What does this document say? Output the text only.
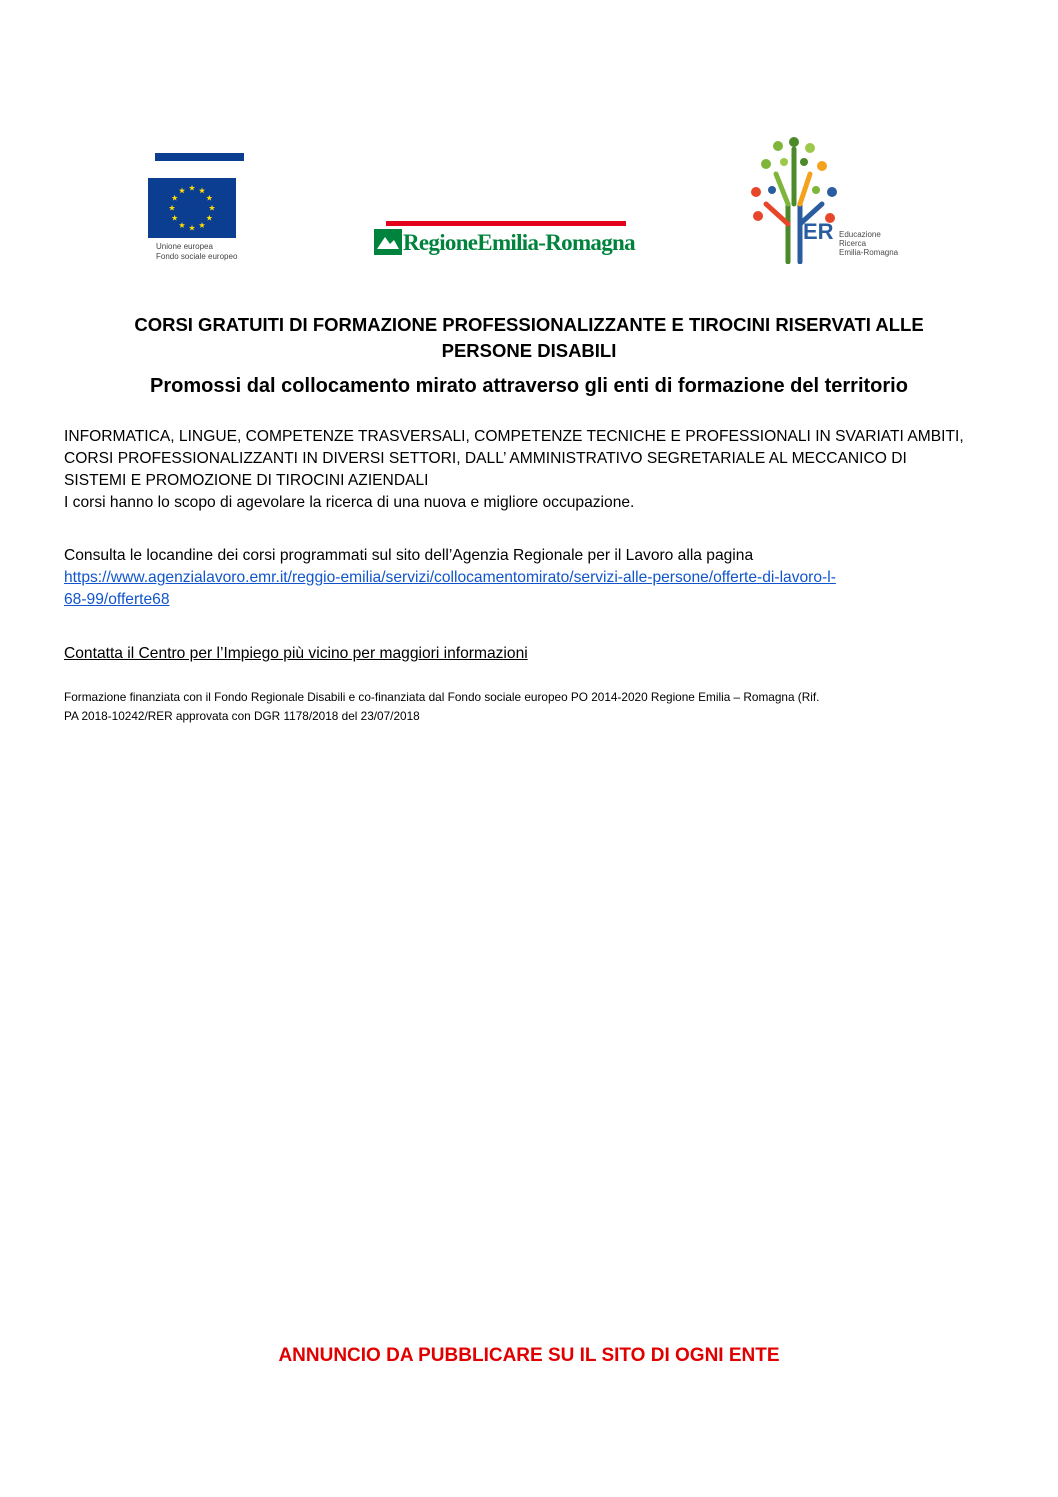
Unione europea
Fondo sociale europeo
RegioneEmilia-Romagna	ER Educazione
Ricerca
Emilia-Romagna
CORSI GRATUITI DI FORMAZIONE PROFESSIONALIZZANTE E TIROCINI RISERVATI ALLE
PERSONE DISABILI
Promossi dal collocamento mirato attraverso gli enti di formazione del territorio
INFORMATICA, LINGUE, COMPETENZE TRASVERSALI, COMPETENZE TECNICHE E PROFESSIONALI IN SVARIATI AMBITI,
CORSI PROFESSIONALIZZANTI IN DIVERSI SETTORI, DALL’ AMMINISTRATIVO SEGRETARIALE AL MECCANICO DI
SISTEMI E PROMOZIONE DI TIROCINI AZIENDALI
I corsi hanno lo scopo di agevolare la ricerca di una nuova e migliore occupazione.
Consulta le locandine dei corsi programmati sul sito dell’Agenzia Regionale per il Lavoro alla pagina
https://www.agenzialavoro.emr.it/reggio-emilia/servizi/collocamentomirato/servizi-alle-persone/offerte-di-lavoro-l-
68-99/offerte68
Contatta il Centro per l’Impiego più vicino per maggiori informazioni
Formazione finanziata con il Fondo Regionale Disabili e co-finanziata dal Fondo sociale europeo PO 2014-2020 Regione Emilia – Romagna (Rif.
PA 2018-10242/RER approvata con DGR 1178/2018 del 23/07/2018
ANNUNCIO DA PUBBLICARE SU IL SITO DI OGNI ENTE
